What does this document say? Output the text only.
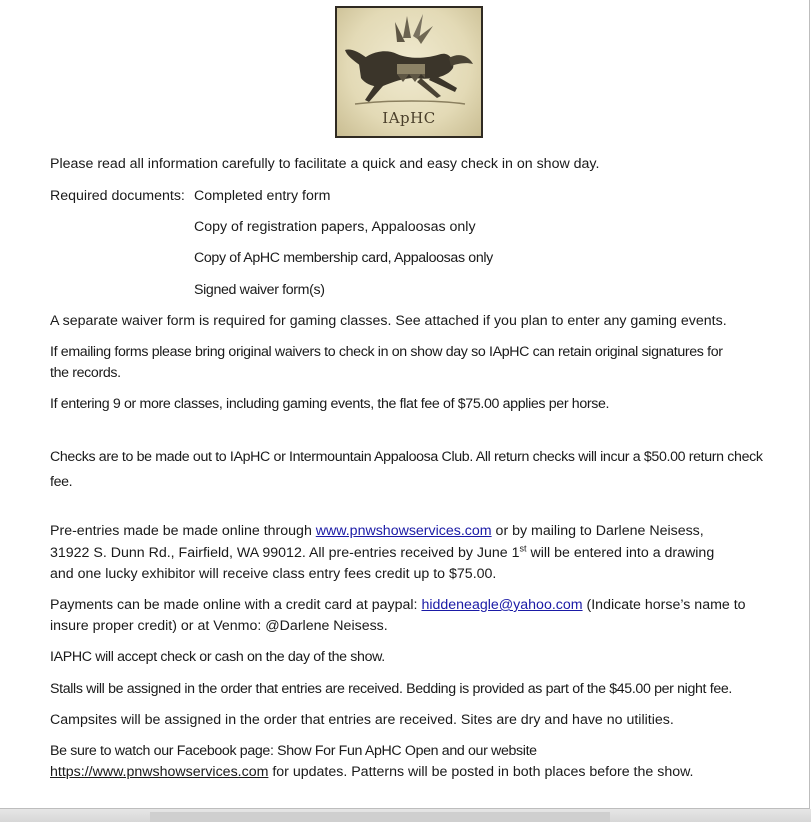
IApHC

Please read all information carefully to facilitate a quick and easy check in on show day.

Required documents: Completed entry form

Copy of registration papers, Appaloosas only

Copy of ApHC membership card, Appaloosas only

Signed waiver form(s)

A separate waiver form is required for gaming classes. See attached if you plan to enter any gaming events.

If emailing forms please bring original waivers to check in on show day so IApHC can retain original signatures for

the records.

If entering 9 or more classes, including gaming events, the flat fee of $75.00 applies per horse.

Checks are to be made out to IApHC or Intermountain Appaloosa Club. All return checks will incur a $50.00 return check

fee.

Pre-entries made be made online through www.pnwshowservices.com or by mailing to Darlene Neisess,

31922 S. Dunn Rd., Fairfield, WA 99012. All pre-entries received by June 1st will be entered into a drawing

and one lucky exhibitor will receive class entry fees credit up to $75.00.

Payments can be made online with a credit card at paypal: hiddeneagle@yahoo.com (Indicate horse’s name to

insure proper credit) or at Venmo: @Darlene Neisess.

IAPHC will accept check or cash on the day of the show.

Stalls will be assigned in the order that entries are received. Bedding is provided as part of the $45.00 per night fee.

Campsites will be assigned in the order that entries are received. Sites are dry and have no utilities.

Be sure to watch our Facebook page: Show For Fun ApHC Open and our website

https://www.pnwshowservices.com for updates. Patterns will be posted in both places before the show.
